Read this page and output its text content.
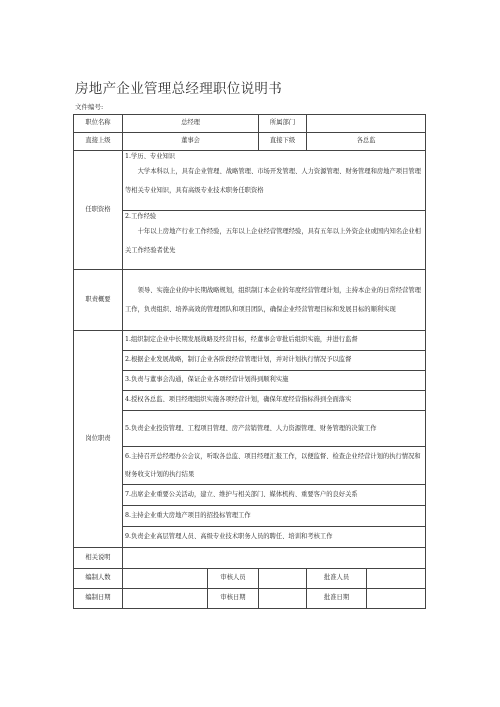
房地产企业管理总经理职位说明书
文件编号:
职位名称	总经理		所属部门		
直接上级	董事会		直接下级	各总监	
任职资格	1.学历、专业知识

大学本科以上，具有企业管理、战略管理、市场开发管理、人力资源管理、财务管理和房地产项目管理等相关专业知识，具有高级专业技术职务任职资格				

	2.工作经验

十年以上房地产行业工作经验，五年以上企业经营管理经验，具有五年以上外资企业或国内知名企业相关工作经验者优先				

职责概要	领导、实施企业的中长期战略规划，组织制订本企业的年度经营管理计划，主持本企业的日常经营管理工作，负责组织、培养高效的管理团队和项目团队，确保企业经营管理目标和发展目标的顺利实现				

岗位职责	1.组织制定企业中长期发展战略及经营目标，经董事会审批后组织实施，并进行监督				
	2.根据企业发展战略，制订企业各阶段经营管理计划，并对计划执行情况予以监督				
	3.负责与董事会沟通，保证企业各项经营计划得到顺利实施				
	4.授权各总监、项目经理组织实施各项经营计划，确保年度经营指标得到全面落实				
	5.负责企业投资管理、工程项目管理、房产营销管理、人力资源管理、财务管理的决策工作				
	6.主持召开总经理办公会议，听取各总监、项目经理汇报工作，以便监督、检查企业经营计划的执行情况和财务收支计划的执行结果				
	7.出席企业重要公关活动，建立、维护与相关部门、媒体机构、重要客户的良好关系				
	8.主持企业重大房地产项目的招投标管理工作				
	9.负责企业高层管理人员、高级专业技术职务人员的聘任、培训和考核工作				
相关说明					
编制人数		审核人员		批准人员	
编制日期		审核日期		批准日期	
